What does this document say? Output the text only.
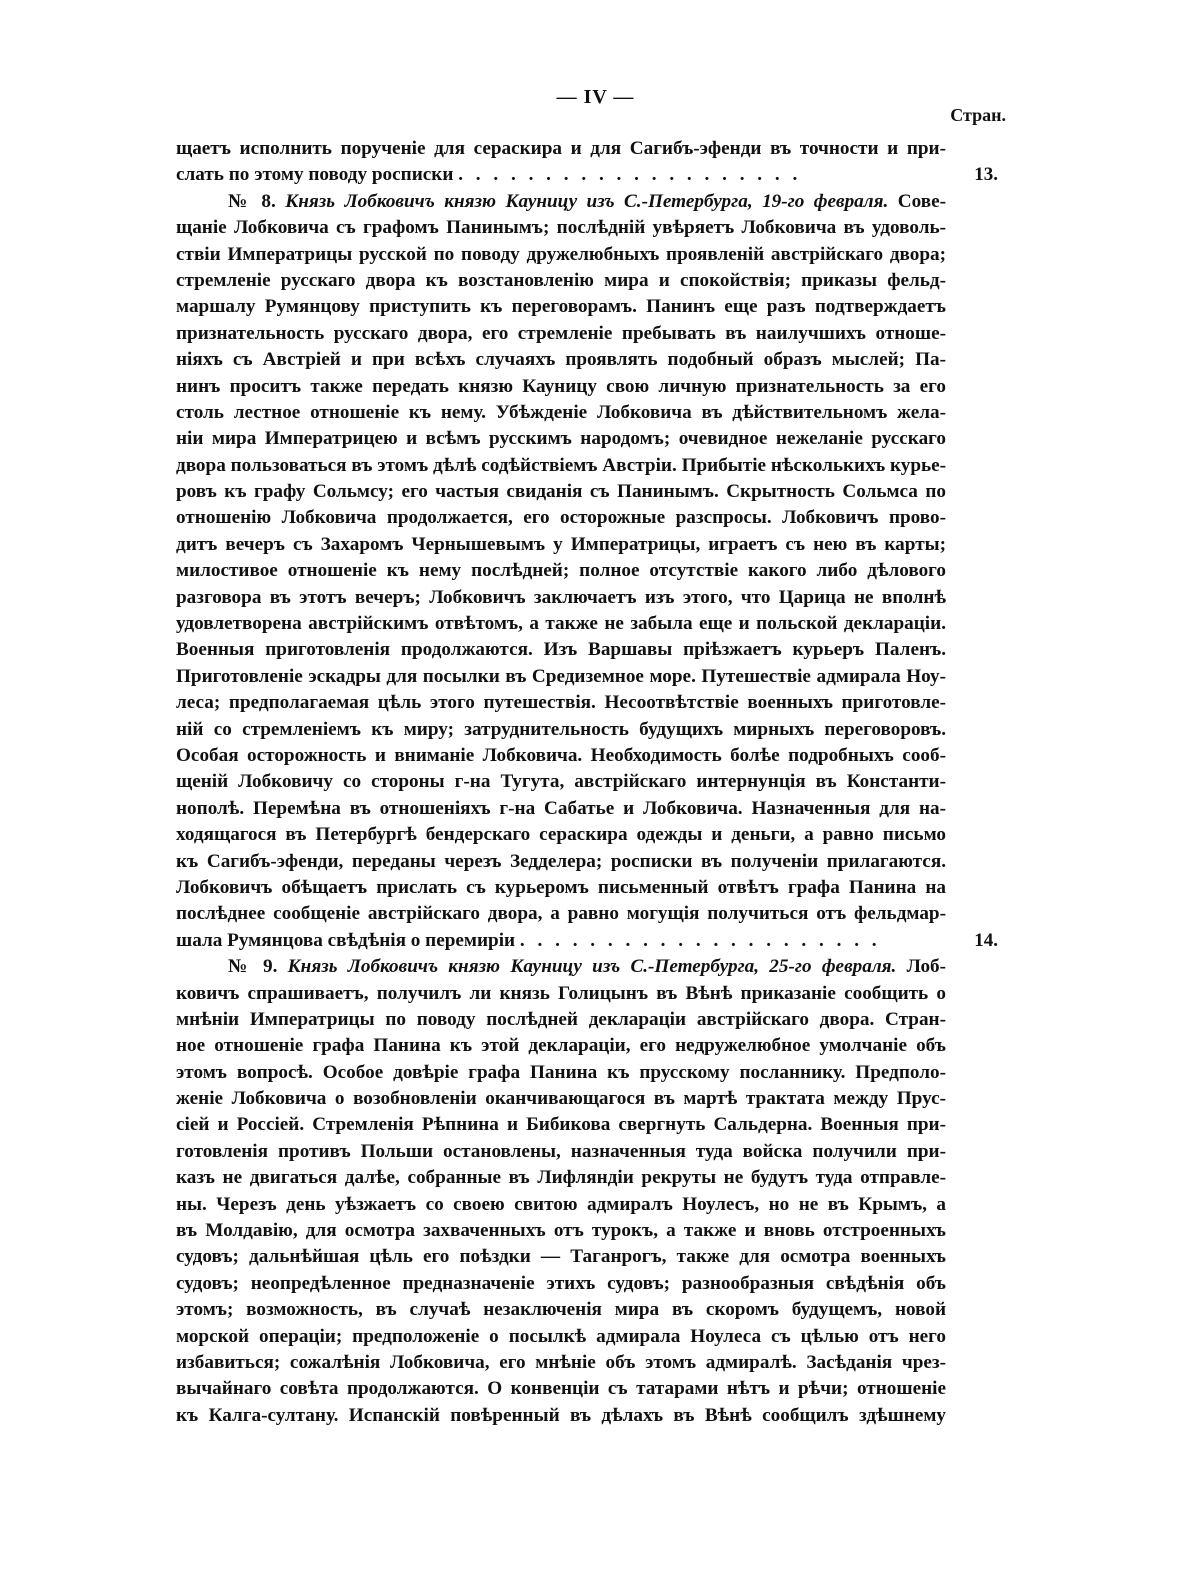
— IV —
Стран.
щаетъ исполнить порученіе для сераскира и для Сагибъ-эфенди въ точности и при-
слать по этому поводу росписки . . . . . . . . . . . . . . . . . . . .	13.
№ 8. Князь Лобковичъ князю Кауницу изъ С.-Петербурга, 19-го февраля. Сове-
щаніе Лобковича съ графомъ Панинымъ; послѣдній увѣряетъ Лобковича въ удоволь-
ствіи Императрицы русской по поводу дружелюбныхъ проявленій австрійскаго двора;
стремленіе русскаго двора къ возстановленію мира и спокойствія; приказы фельд-
маршалу Румянцову приступить къ переговорамъ. Панинъ еще разъ подтверждаетъ
признательность русскаго двора, его стремленіе пребывать въ наилучшихъ отноше-
ніяхъ съ Австріей и при всѣхъ случаяхъ проявлять подобный образъ мыслей; Па-
нинъ проситъ также передать князю Кауницу свою личную признательность за его
столь лестное отношеніе къ нему. Убѣжденіе Лобковича въ дѣйствительномъ жела-
ніи мира Императрицею и всѣмъ русскимъ народомъ; очевидное нежеланіе русскаго
двора пользоваться въ этомъ дѣлѣ содѣйствіемъ Австріи. Прибытіе нѣсколькихъ курье-
ровъ къ графу Сольмсу; его частыя свиданія съ Панинымъ. Скрытность Сольмса по
отношенію Лобковича продолжается, его осторожные разспросы. Лобковичъ прово-
дитъ вечеръ съ Захаромъ Чернышевымъ у Императрицы, играетъ съ нею въ карты;
милостивое отношеніе къ нему послѣдней; полное отсутствіе какого либо дѣлового
разговора въ этотъ вечеръ; Лобковичъ заключаетъ изъ этого, что Царица не вполнѣ
удовлетворена австрійскимъ отвѣтомъ, а также не забыла еще и польской деклараціи.
Военныя приготовленія продолжаются. Изъ Варшавы пріѣзжаетъ курьеръ Паленъ.
Приготовленіе эскадры для посылки въ Средиземное море. Путешествіе адмирала Ноу-
леса; предполагаемая цѣль этого путешествія. Несоотвѣтствіе военныхъ приготовле-
ній со стремленіемъ къ миру; затруднительность будущихъ мирныхъ переговоровъ.
Особая осторожность и вниманіе Лобковича. Необходимость болѣе подробныхъ сооб-
щеній Лобковичу со стороны г-на Тугута, австрійскаго интернунція въ Константи-
нополѣ. Перемѣна въ отношеніяхъ г-на Сабатье и Лобковича. Назначенныя для на-
ходящагося въ Петербургѣ бендерскаго сераскира одежды и деньги, а равно письмо
къ Сагибъ-эфенди, переданы черезъ Зедделера; росписки въ полученіи прилагаются.
Лобковичъ обѣщаетъ прислать съ курьеромъ письменный отвѣтъ графа Панина на
послѣднее сообщеніе австрійскаго двора, а равно могущія получиться отъ фельдмар-
шала Румянцова свѣдѣнія о перемиріи . . . . . . . . . . . . . . . . . . . . .	14.
№ 9. Князь Лобковичъ князю Кауницу изъ С.-Петербурга, 25-го февраля. Лоб-
ковичъ спрашиваетъ, получилъ ли князь Голицынъ въ Вѣнѣ приказаніе сообщить о
мнѣніи Императрицы по поводу послѣдней деклараціи австрійскаго двора. Стран-
ное отношеніе графа Панина къ этой деклараціи, его недружелюбное умолчаніе объ
этомъ вопросѣ. Особое довѣріе графа Панина къ прусскому посланнику. Предполо-
женіе Лобковича о возобновленіи оканчивающагося въ мартѣ трактата между Прус-
сіей и Россіей. Стремленія Рѣпнина и Бибикова свергнуть Сальдерна. Военныя при-
готовленія противъ Польши остановлены, назначенныя туда войска получили при-
казъ не двигаться далѣе, собранные въ Лифляндіи рекруты не будутъ туда отправле-
ны. Черезъ день уѣзжаетъ со своею свитою адмиралъ Ноулесъ, но не въ Крымъ, а
въ Молдавію, для осмотра захваченныхъ отъ турокъ, а также и вновь отстроенныхъ
судовъ; дальнѣйшая цѣль его поѣздки — Таганрогъ, также для осмотра военныхъ
судовъ; неопредѣленное предназначеніе этихъ судовъ; разнообразныя свѣдѣнія объ
этомъ; возможность, въ случаѣ незаключенія мира въ скоромъ будущемъ, новой
морской операціи; предположеніе о посылкѣ адмирала Ноулеса съ цѣлью отъ него
избавиться; сожалѣнія Лобковича, его мнѣніе объ этомъ адмиралѣ. Засѣданія чрез-
вычайнаго совѣта продолжаются. О конвенціи съ татарами нѣтъ и рѣчи; отношеніе
къ Калга-султану. Испанскій повѣренный въ дѣлахъ въ Вѣнѣ сообщилъ здѣшнему
